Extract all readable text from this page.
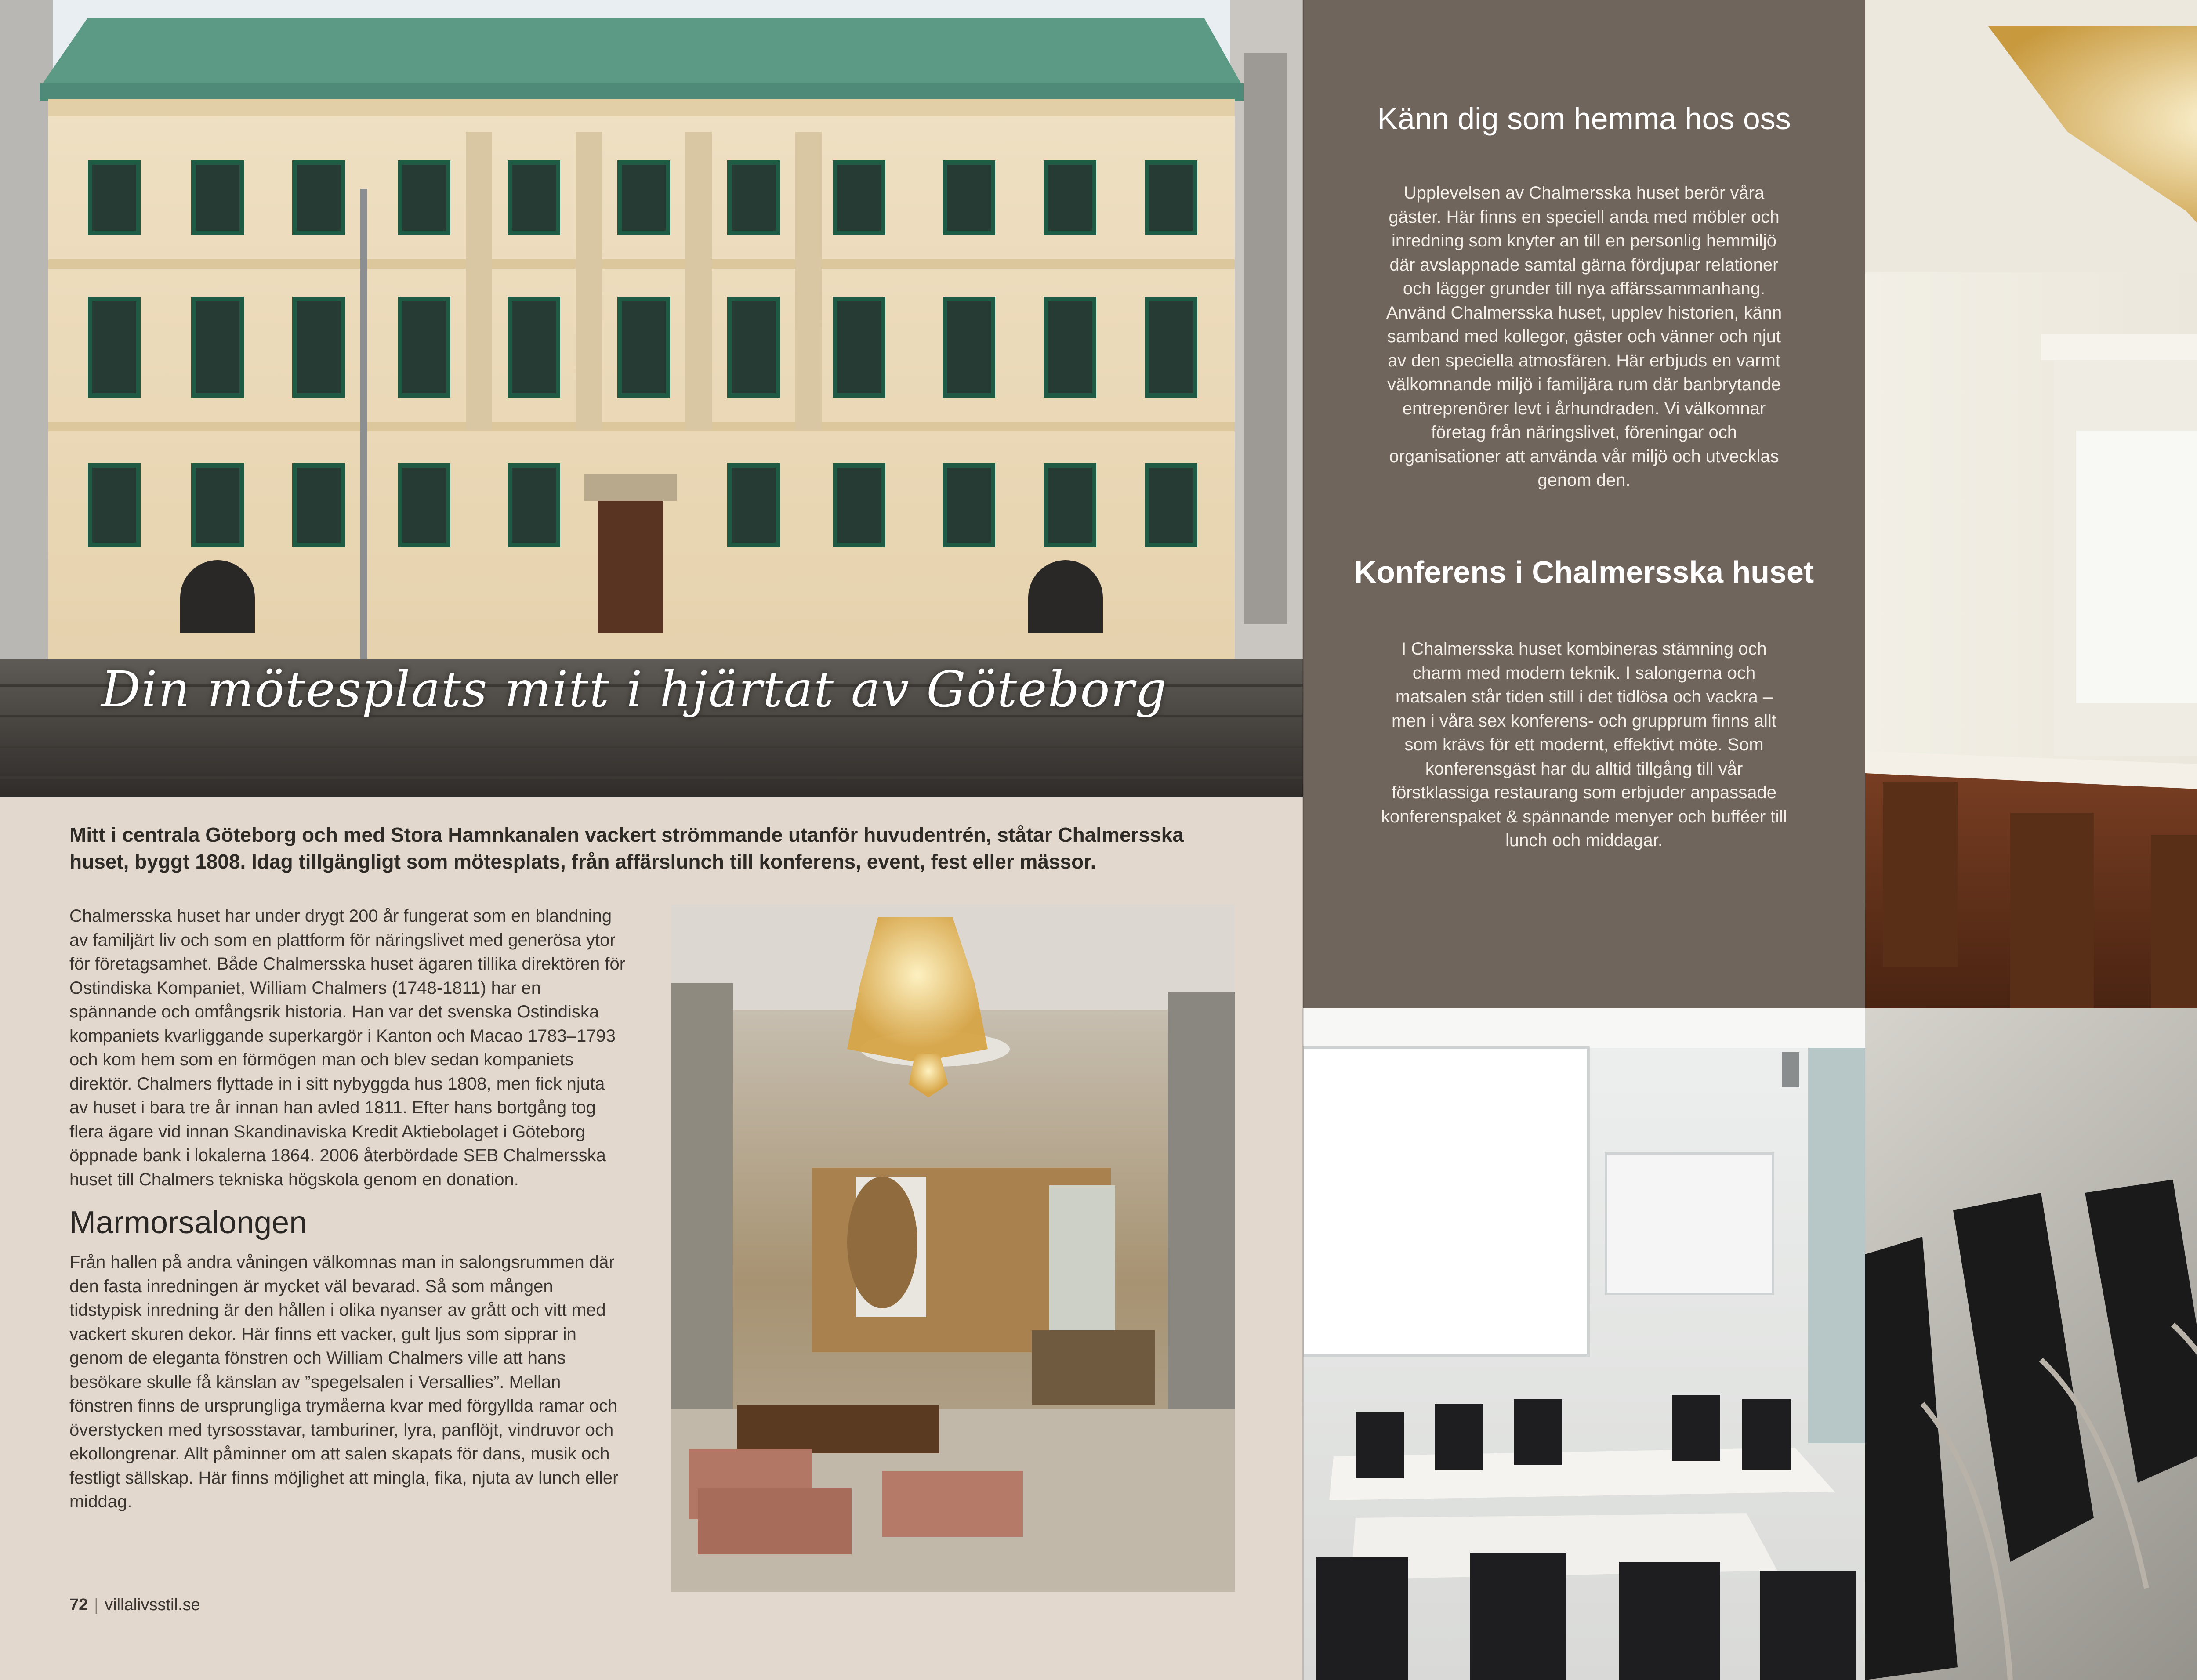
Din mötesplats mitt i hjärtat av Göteborg
Mitt i centrala Göteborg och med Stora Hamnkanalen vackert strömmande utanför huvudentrén, ståtar Chalmersska huset, byggt 1808. Idag tillgängligt som mötesplats, från affärslunch till konferens, event, fest eller mässor.

Chalmersska huset har under drygt 200 år fungerat som en blandning av familjärt liv och som en plattform för näringslivet med generösa ytor för företagsamhet. Både Chalmersska huset ägaren tillika direktören för Ostindiska Kompaniet, William Chalmers (1748-1811) har en spännande och omfångsrik historia. Han var det svenska Ostindiska kompaniets kvarliggande superkargör i Kanton och Macao 1783–1793 och kom hem som en förmögen man och blev sedan kompaniets direktör. Chalmers flyttade in i sitt nybyggda hus 1808, men fick njuta av huset i bara tre år innan han avled 1811. Efter hans bortgång tog flera ägare vid innan Skandinaviska Kredit Aktiebolaget i Göteborg öppnade bank i lokalerna 1864. 2006 återbördade SEB Chalmersska huset till Chalmers tekniska högskola genom en donation.

Marmorsalongen

Från hallen på andra våningen välkomnas man in salongsrummen där den fasta inredningen är mycket väl bevarad. Så som mången tidstypisk inredning är den hållen i olika nyanser av grått och vitt med vackert skuren dekor. Här finns ett vacker, gult ljus som sipprar in genom de eleganta fönstren och William Chalmers ville att hans besökare skulle få känslan av ”spegelsalen i Versallies”. Mellan fönstren finns de ursprungliga trymåerna kvar med förgyllda ramar och överstycken med tyrsosstavar, tamburiner, lyra, panflöjt, vindruvor och ekollongrenar. Allt påminner om att salen skapats för dans, musik och festligt sällskap. Här finns möjlighet att mingla, fika, njuta av lunch eller middag.

72 | villalivsstil.se
Känn dig som hemma hos oss

Upplevelsen av Chalmersska huset berör våra gäster. Här finns en speciell anda med möbler och inredning som knyter an till en personlig hemmiljö där avslappnade samtal gärna fördjupar relationer och lägger grunder till nya affärssammanhang. Använd Chalmersska huset, upplev historien, känn samband med kollegor, gäster och vänner och njut av den speciella atmosfären. Här erbjuds en varmt välkomnande miljö i familjära rum där banbrytande entreprenörer levt i århundraden. Vi välkomnar företag från näringslivet, föreningar och organisationer att använda vår miljö och utvecklas genom den.

Konferens i Chalmersska huset

I Chalmersska huset kombineras stämning och charm med modern teknik. I salongerna och matsalen står tiden still i det tidlösa och vackra – men i våra sex konferens- och grupprum finns allt som krävs för ett modernt, effektivt möte. Som konferensgäst har du alltid tillgång till vår förstklassiga restaurang som erbjuder anpassade konferenspaket & spännande menyer och bufféer till lunch och middagar.
